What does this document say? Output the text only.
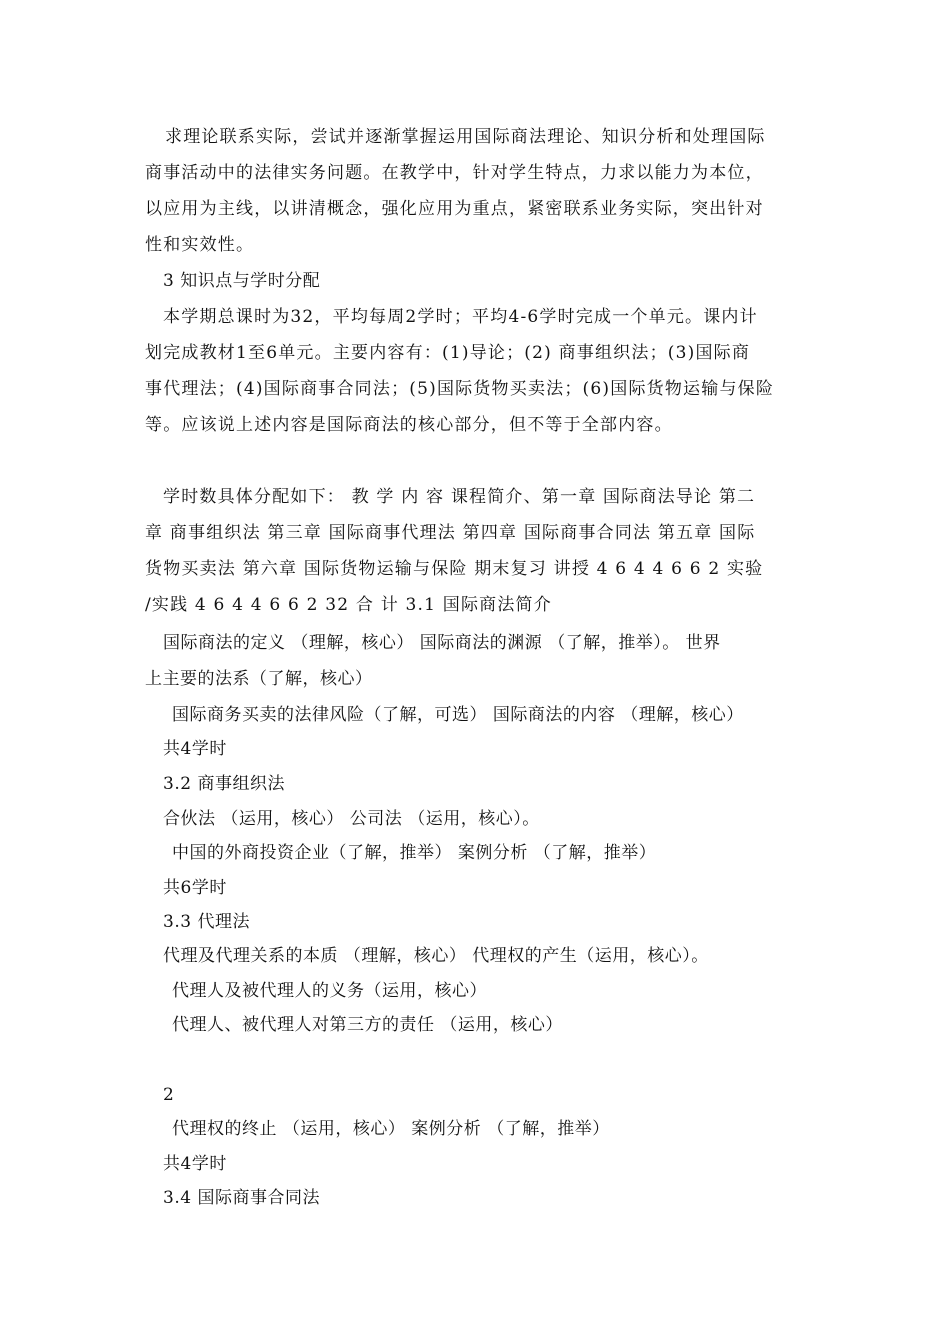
求理论联系实际，尝试并逐渐掌握运用国际商法理论、知识分析和处理国际
商事活动中的法律实务问题。在教学中，针对学生特点，力求以能力为本位，
以应用为主线，以讲清概念，强化应用为重点，紧密联系业务实际，突出针对
性和实效性。
3 知识点与学时分配
本学期总课时为32，平均每周2学时；平均4-6学时完成一个单元。课内计
划完成教材1至6单元。主要内容有：(1)导论；(2) 商事组织法；(3)国际商
事代理法；(4)国际商事合同法；(5)国际货物买卖法；(6)国际货物运输与保险
等。应该说上述内容是国际商法的核心部分，但不等于全部内容。
学时数具体分配如下： 教 学 内 容 课程简介、第一章 国际商法导论 第二
章 商事组织法 第三章 国际商事代理法 第四章 国际商事合同法 第五章 国际
货物买卖法 第六章 国际货物运输与保险 期末复习 讲授 4 6 4 4 6 6 2 实验
/实践 4 6 4 4 6 6 2 32 合 计 3.1 国际商法简介
国际商法的定义 （理解，核心） 国际商法的渊源 （了解，推举）。 世界
上主要的法系（了解，核心）
国际商务买卖的法律风险（了解，可选） 国际商法的内容 （理解，核心）
共4学时
3.2 商事组织法
合伙法 （运用，核心） 公司法 （运用，核心）。
中国的外商投资企业（了解，推举） 案例分析 （了解，推举）
共6学时
3.3 代理法
代理及代理关系的本质 （理解，核心） 代理权的产生（运用，核心）。
代理人及被代理人的义务（运用，核心）
代理人、被代理人对第三方的责任 （运用，核心）
2
代理权的终止 （运用，核心） 案例分析 （了解，推举）
共4学时
3.4 国际商事合同法
